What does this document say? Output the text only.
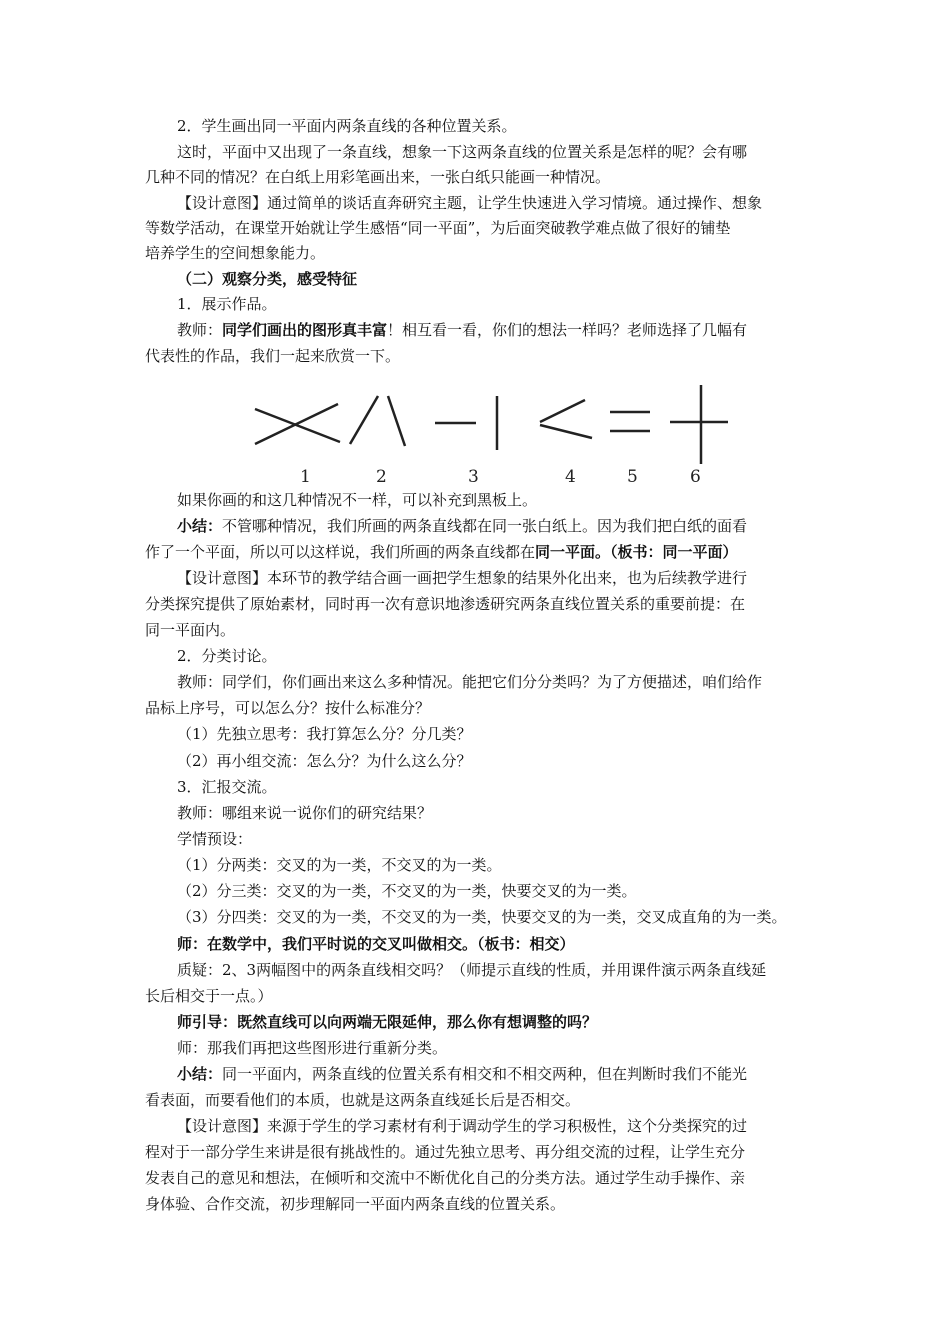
2．学生画出同一平面内两条直线的各种位置关系。
这时，平面中又出现了一条直线，想象一下这两条直线的位置关系是怎样的呢？会有哪
几种不同的情况？在白纸上用彩笔画出来，一张白纸只能画一种情况。
【设计意图】通过简单的谈话直奔研究主题，让学生快速进入学习情境。通过操作、想象
等数学活动，在课堂开始就让学生感悟“同一平面”，为后面突破教学难点做了很好的铺垫
培养学生的空间想象能力。
（二）观察分类，感受特征
1．展示作品。
教师：同学们画出的图形真丰富！相互看一看，你们的想法一样吗？老师选择了几幅有
代表性的作品，我们一起来欣赏一下。
如果你画的和这几种情况不一样，可以补充到黑板上。
小结：不管哪种情况，我们所画的两条直线都在同一张白纸上。因为我们把白纸的面看
作了一个平面，所以可以这样说，我们所画的两条直线都在同一平面。（板书：同一平面）
【设计意图】本环节的教学结合画一画把学生想象的结果外化出来，也为后续教学进行
分类探究提供了原始素材，同时再一次有意识地渗透研究两条直线位置关系的重要前提：在
同一平面内。
2．分类讨论。
教师：同学们，你们画出来这么多种情况。能把它们分分类吗？为了方便描述，咱们给作
品标上序号，可以怎么分？按什么标准分？
（1）先独立思考：我打算怎么分？分几类？
（2）再小组交流：怎么分？为什么这么分？
3．汇报交流。
教师：哪组来说一说你们的研究结果？
学情预设：
（1）分两类：交叉的为一类，不交叉的为一类。
（2）分三类：交叉的为一类，不交叉的为一类，快要交叉的为一类。
（3）分四类：交叉的为一类，不交叉的为一类，快要交叉的为一类，交叉成直角的为一类。
师：在数学中，我们平时说的交叉叫做相交。（板书：相交）
质疑：2、3两幅图中的两条直线相交吗？（师提示直线的性质，并用课件演示两条直线延
长后相交于一点。）
师引导：既然直线可以向两端无限延伸，那么你有想调整的吗？
师：那我们再把这些图形进行重新分类。
小结：同一平面内，两条直线的位置关系有相交和不相交两种，但在判断时我们不能光
看表面，而要看他们的本质，也就是这两条直线延长后是否相交。
【设计意图】来源于学生的学习素材有利于调动学生的学习积极性，这个分类探究的过
程对于一部分学生来讲是很有挑战性的。通过先独立思考、再分组交流的过程，让学生充分
发表自己的意见和想法，在倾听和交流中不断优化自己的分类方法。通过学生动手操作、亲
身体验、合作交流，初步理解同一平面内两条直线的位置关系。
1	2	3	4	5	6
